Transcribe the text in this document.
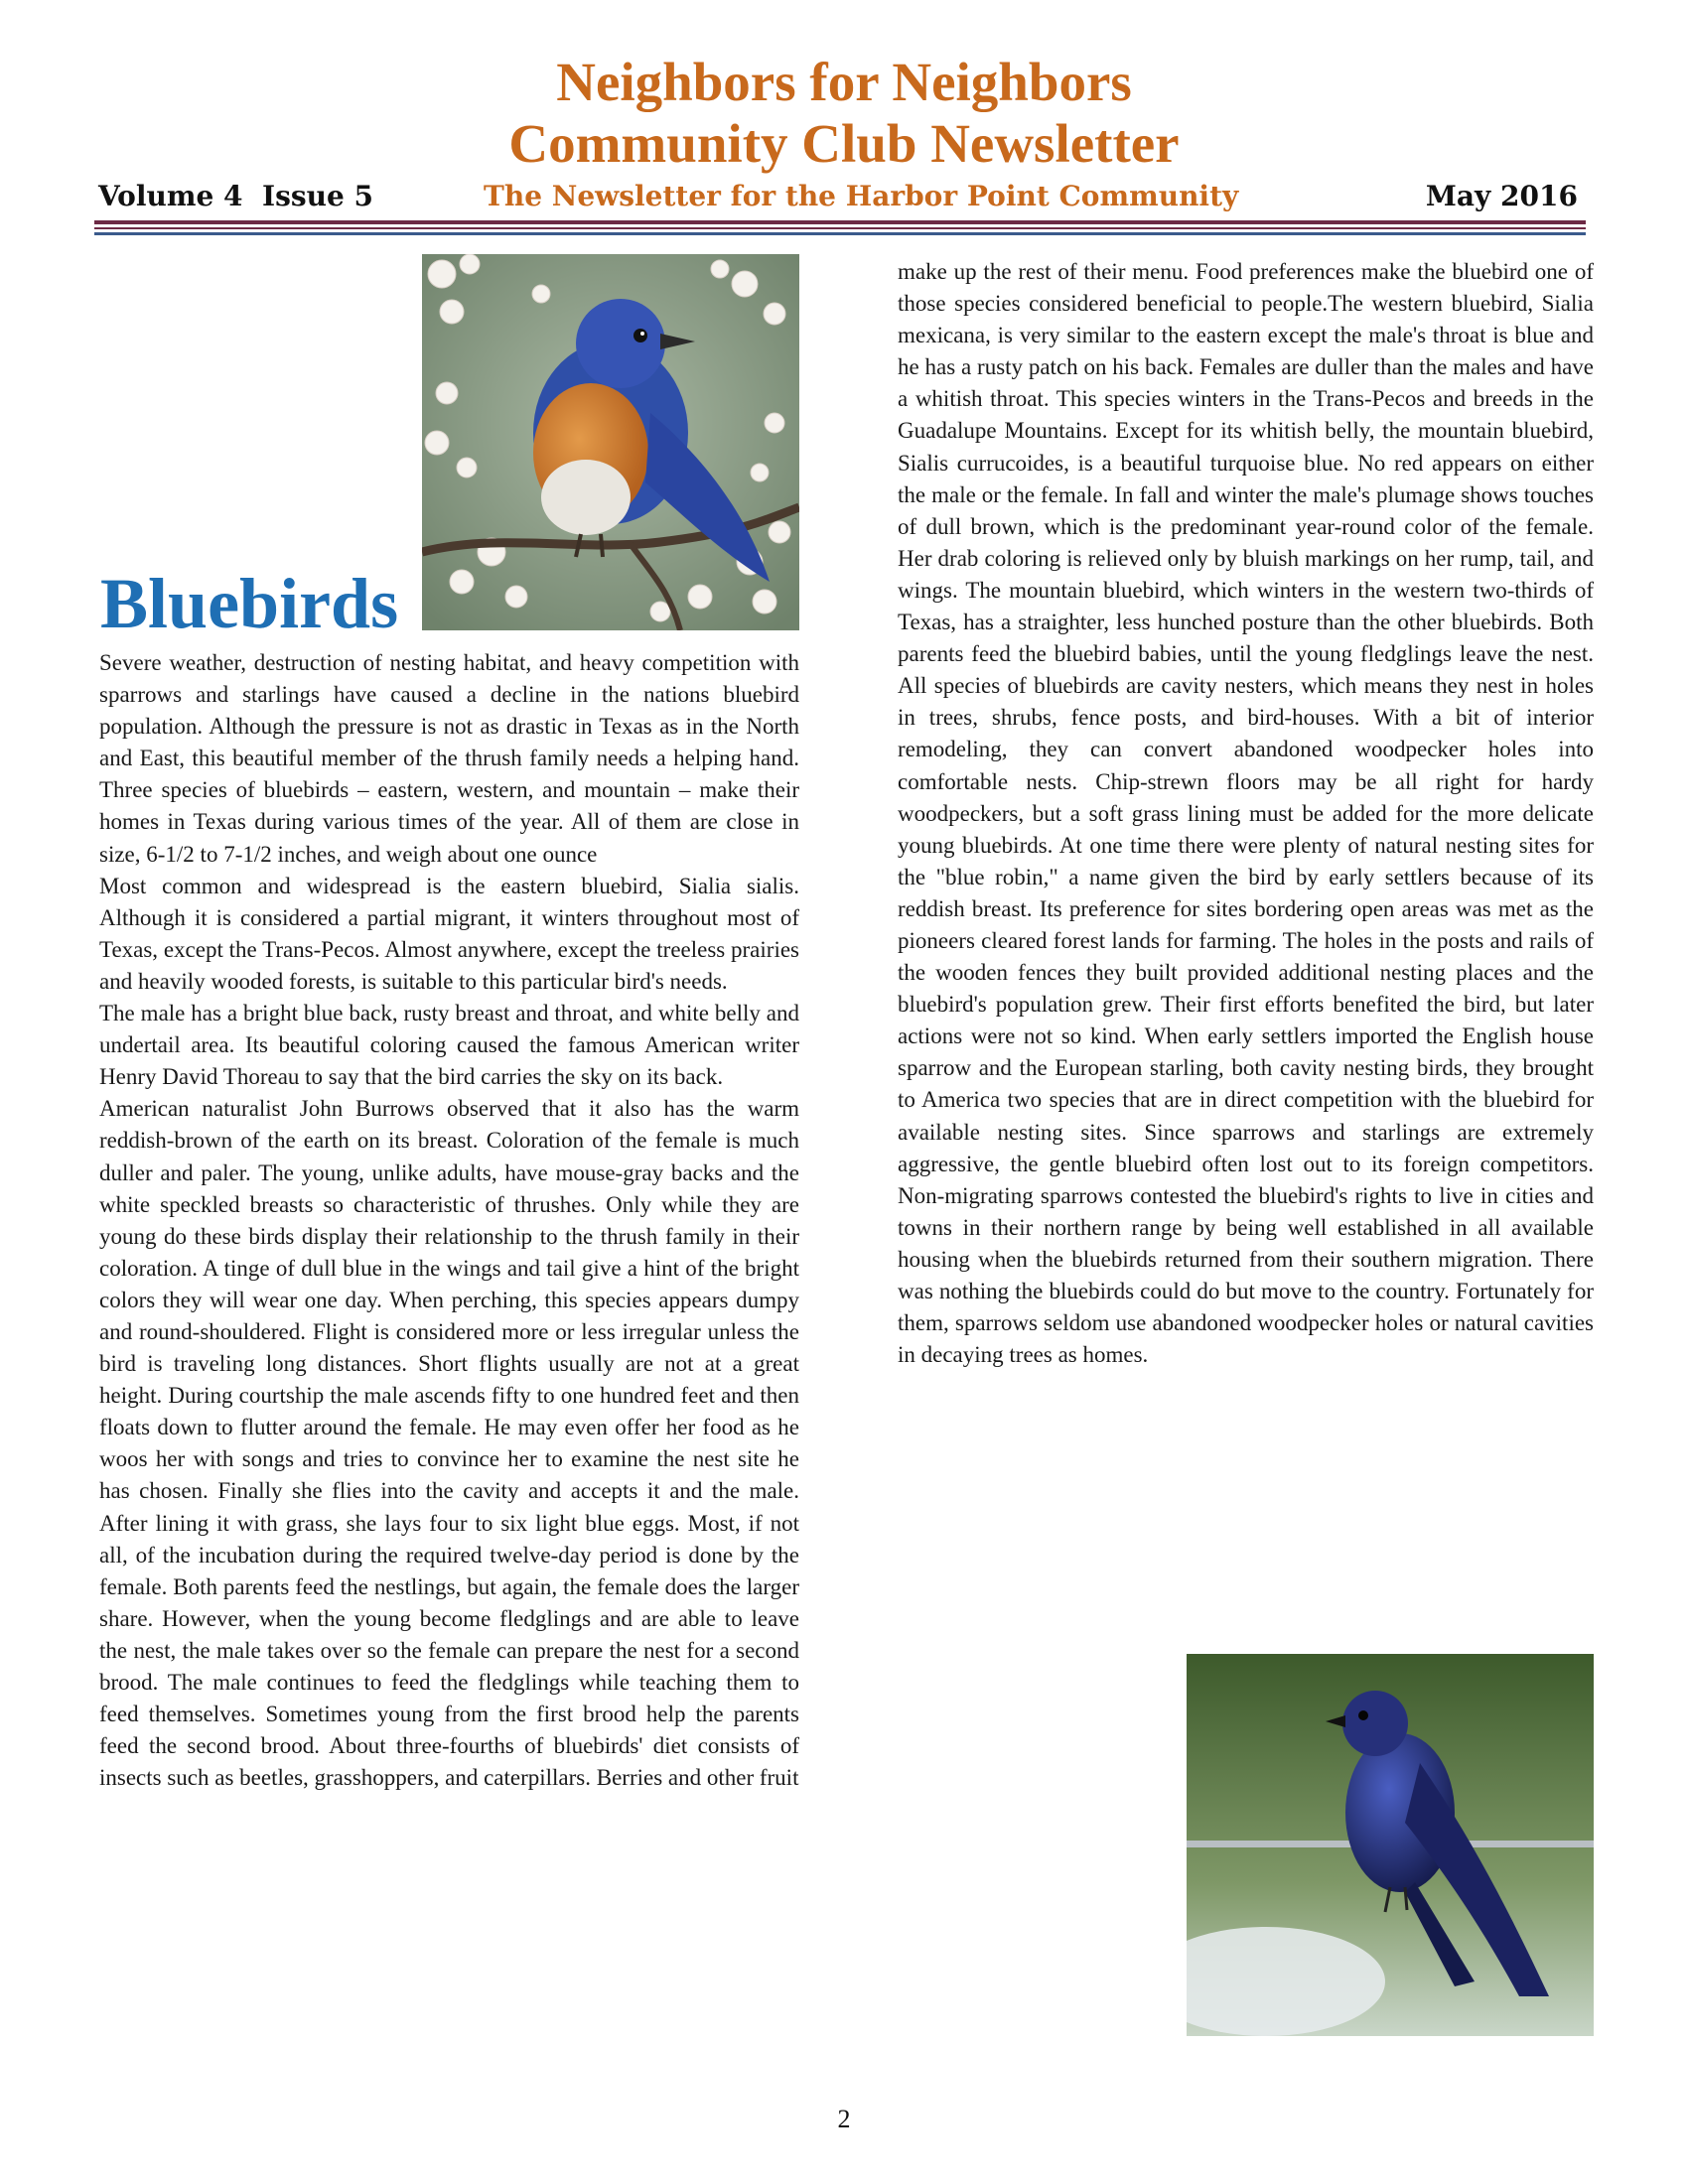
Neighbors for Neighbors

Community Club Newsletter

Volume 4 Issue 5	The Newsletter for the Harbor Point Community	May 2016
Bluebirds

Severe weather, destruction of nesting habitat, and heavy competition with sparrows and starlings have caused a decline in the nations bluebird population. Although the pressure is not as drastic in Texas as in the North and East, this beautiful member of the thrush family needs a helping hand. Three species of bluebirds – eastern, western, and mountain – make their homes in Texas during various times of the year. All of them are close in size, 6-1/2 to 7-1/2 inches, and weigh about one ounce

Most common and widespread is the eastern bluebird, Sialia sialis. Although it is considered a partial migrant, it winters throughout most of Texas, except the Trans-Pecos. Almost anywhere, except the treeless prairies and heavily wooded forests, is suitable to this particular bird's needs.

The male has a bright blue back, rusty breast and throat, and white belly and undertail area. Its beautiful coloring caused the famous American writer Henry David Thoreau to say that the bird carries the sky on its back.

American naturalist John Burrows observed that it also has the warm reddish-brown of the earth on its breast. Coloration of the female is much duller and paler. The young, unlike adults, have mouse-gray backs and the white speckled breasts so characteristic of thrushes. Only while they are young do these birds display their relationship to the thrush family in their coloration. A tinge of dull blue in the wings and tail give a hint of the bright colors they will wear one day. When perching, this species appears dumpy and round-shouldered. Flight is considered more or less irregular unless the bird is traveling long distances. Short flights usually are not at a great height. During courtship the male ascends fifty to one hundred feet and then floats down to flutter around the female. He may even offer her food as he woos her with songs and tries to convince her to examine the nest site he has chosen. Finally she flies into the cavity and accepts it and the male. After lining it with grass, she lays four to six light blue eggs. Most, if not all, of the incubation during the required twelve-day period is done by the female. Both parents feed the nestlings, but again, the female does the larger share. However, when the young become fledglings and are able to leave the nest, the male takes over so the female can prepare the nest for a second brood. The male continues to feed the fledglings while teaching them to feed themselves. Sometimes young from the first brood help the parents feed the second brood. About three-fourths of bluebirds' diet consists of insects such as beetles, grasshoppers, and caterpillars. Berries and other fruit

make up the rest of their menu. Food preferences make the bluebird one of those species considered beneficial to people.The western bluebird, Sialia mexicana, is very similar to the eastern except the male's throat is blue and he has a rusty patch on his back. Females are duller than the males and have a whitish throat. This species winters in the Trans-Pecos and breeds in the Guadalupe Mountains. Except for its whitish belly, the mountain bluebird, Sialis currucoides, is a beautiful turquoise blue. No red appears on either the male or the female. In fall and winter the male's plumage shows touches of dull brown, which is the predominant year-round color of the female. Her drab coloring is relieved only by bluish markings on her rump, tail, and wings. The mountain bluebird, which winters in the western two-thirds of Texas, has a straighter, less hunched posture than the other bluebirds. Both parents feed the bluebird babies, until the young fledglings leave the nest. All species of bluebirds are cavity nesters, which means they nest in holes in trees, shrubs, fence posts, and bird-houses. With a bit of interior remodeling, they can convert abandoned woodpecker holes into comfortable nests. Chip-strewn floors may be all right for hardy woodpeckers, but a soft grass lining must be added for the more delicate young bluebirds. At one time there were plenty of natural nesting sites for the "blue robin," a name given the bird by early settlers because of its reddish breast. Its preference for sites bordering open areas was met as the pioneers cleared forest lands for farming. The holes in the posts and rails of the wooden fences they built provided additional nesting places and the bluebird's population grew. Their first efforts benefited the bird, but later actions were not so kind. When early settlers imported the English house sparrow and the European starling, both cavity nesting birds, they brought to America two species that are in direct competition with the bluebird for available nesting sites. Since sparrows and starlings are extremely aggressive, the gentle bluebird often lost out to its foreign competitors. Non-migrating sparrows contested the bluebird's rights to live in cities and towns in their northern range by being well established in all available housing when the bluebirds returned from their southern migration. There was nothing the bluebirds could do but move to the country. Fortunately for them, sparrows seldom use abandoned woodpecker holes or natural cavities in decaying trees as homes.

2
